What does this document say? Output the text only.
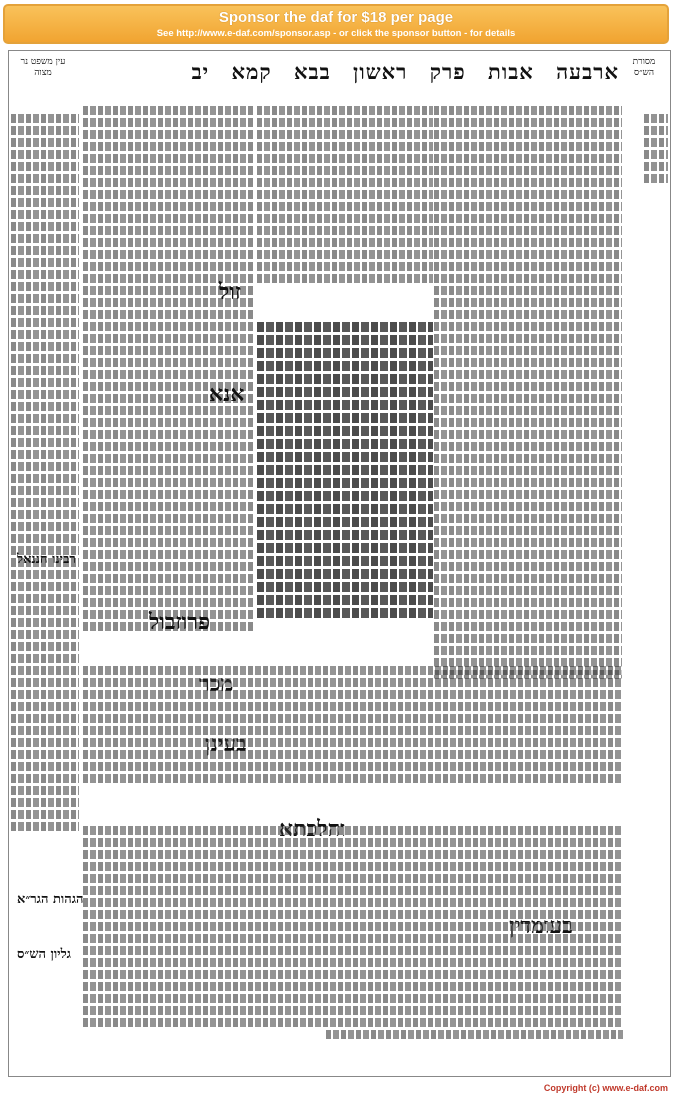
Sponsor the daf for $18 per page
See http://www.e-daf.com/sponsor.asp - or click the sponsor button - for details
מסורת הש״ס
ארבעה אבות פרק ראשון בבא קמא יב
עין משפט נר מצוה
רבינו חננאל
הגהות הגר״א
גליון הש״ס
אנא
זול
פרוזבול
Copyright (c) www.e-daf.com
